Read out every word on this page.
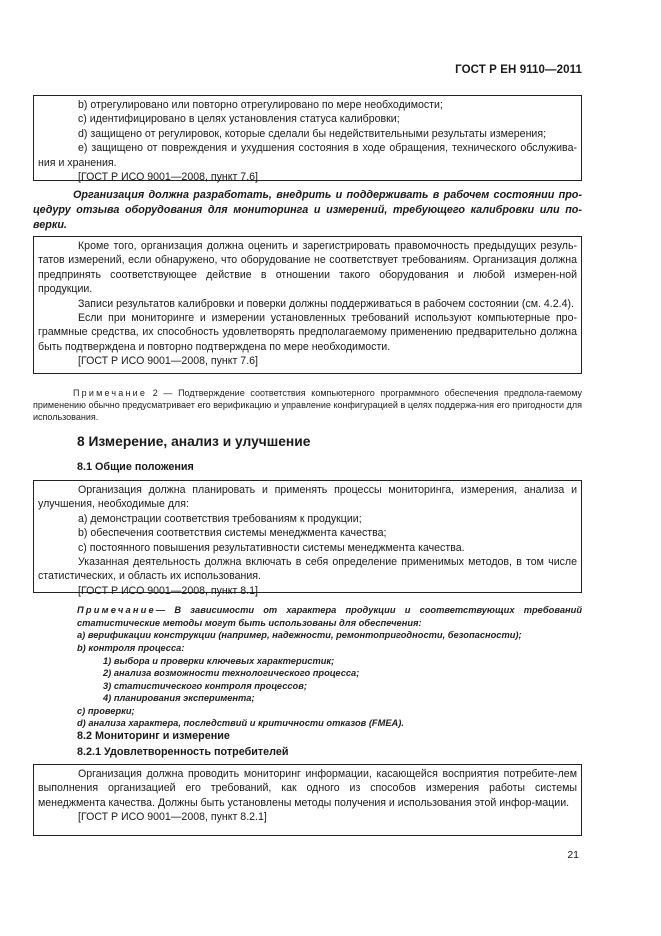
ГОСТ Р ЕН 9110—2011

b) отрегулировано или повторно отрегулировано по мере необходимости;

c) идентифицировано в целях установления статуса калибровки;

d) защищено от регулировок, которые сделали бы недействительными результаты измерения;

e) защищено от повреждения и ухудшения состояния в ходе обращения, технического обслужива-ния и хранения.

[ГОСТ Р ИСО 9001—2008, пункт 7.6]

Организация должна разработать, внедрить и поддерживать в рабочем состоянии про-цедуру отзыва оборудования для мониторинга и измерений, требующего калибровки или по-верки.

Кроме того, организация должна оценить и зарегистрировать правомочность предыдущих резуль-татов измерений, если обнаружено, что оборудование не соответствует требованиям. Организация должна предпринять соответствующее действие в отношении такого оборудования и любой измерен-ной продукции.

Записи результатов калибровки и поверки должны поддерживаться в рабочем состоянии (см. 4.2.4).

Если при мониторинге и измерении установленных требований используют компьютерные про-граммные средства, их способность удовлетворять предполагаемому применению предварительно должна быть подтверждена и повторно подтверждена по мере необходимости.

[ГОСТ Р ИСО 9001—2008, пункт 7.6]

Примечание 2 — Подтверждение соответствия компьютерного программного обеспечения предпола-гаемому применению обычно предусматривает его верификацию и управление конфигурацией в целях поддержа-ния его пригодности для использования.

8 Измерение, анализ и улучшение
8.1 Общие положения

Организация должна планировать и применять процессы мониторинга, измерения, анализа и улучшения, необходимые для:

a) демонстрации соответствия требованиям к продукции;

b) обеспечения соответствия системы менеджмента качества;

c) постоянного повышения результативности системы менеджмента качества.

Указанная деятельность должна включать в себя определение применимых методов, в том числе статистических, и область их использования.

[ГОСТ Р ИСО 9001—2008, пункт 8.1]

Примечание— В зависимости от характера продукции и соответствующих требований статистические методы могут быть использованы для обеспечения:

a) верификации конструкции (например, надежности, ремонтопригодности, безопасности);

b) контроля процесса:

1) выбора и проверки ключевых характеристик;

2) анализа возможности технологического процесса;

3) статистического контроля процессов;

4) планирования эксперимента;

c) проверки;

d) анализа характера, последствий и критичности отказов (FMEA).

8.2 Мониторинг и измерение
8.2.1 Удовлетворенность потребителей

Организация должна проводить мониторинг информации, касающейся восприятия потребите-лем выполнения организацией его требований, как одного из способов измерения работы системы менеджмента качества. Должны быть установлены методы получения и использования этой инфор-мации.

[ГОСТ Р ИСО 9001—2008, пункт 8.2.1]

21
